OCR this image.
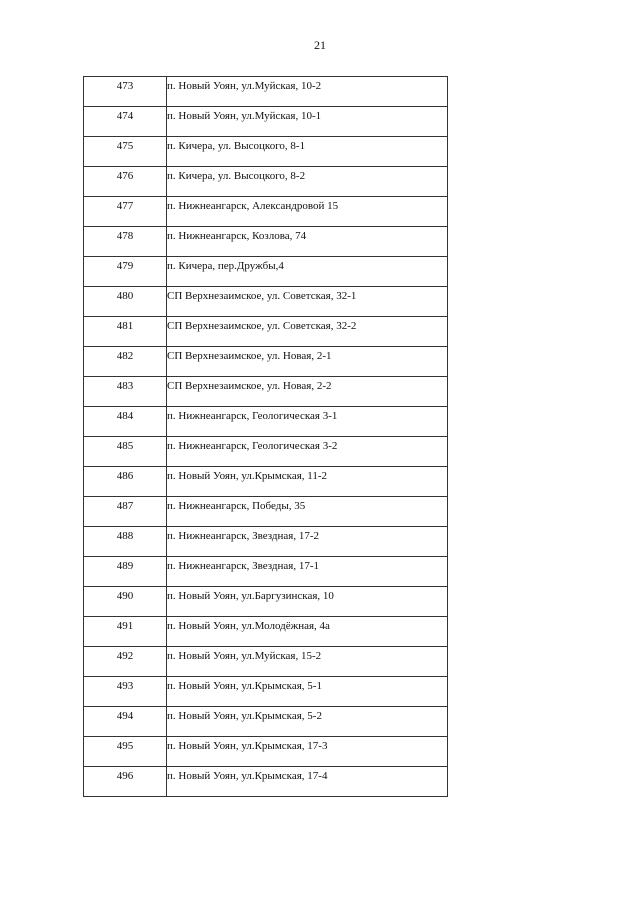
21
473	п. Новый Уоян, ул.Муйская, 10-2
474	п. Новый Уоян, ул.Муйская, 10-1
475	п. Кичера, ул. Высоцкого, 8-1
476	п. Кичера, ул. Высоцкого, 8-2
477	п. Нижнеангарск, Александровой 15
478	п. Нижнеангарск, Козлова, 74
479	п. Кичера, пер.Дружбы,4
480	СП Верхнезаимское, ул. Советская, 32-1
481	СП Верхнезаимское, ул. Советская, 32-2
482	СП Верхнезаимское, ул. Новая, 2-1
483	СП Верхнезаимское, ул. Новая, 2-2
484	п. Нижнеангарск, Геологическая 3-1
485	п. Нижнеангарск, Геологическая 3-2
486	п. Новый Уоян, ул.Крымская, 11-2
487	п. Нижнеангарск, Победы, 35
488	п. Нижнеангарск, Звездная, 17-2
489	п. Нижнеангарск, Звездная, 17-1
490	п. Новый Уоян, ул.Баргузинская, 10
491	п. Новый Уоян, ул.Молодёжная, 4а
492	п. Новый Уоян, ул.Муйская, 15-2
493	п. Новый Уоян, ул.Крымская, 5-1
494	п. Новый Уоян, ул.Крымская, 5-2
495	п. Новый Уоян, ул.Крымская, 17-3
496	п. Новый Уоян, ул.Крымская, 17-4
